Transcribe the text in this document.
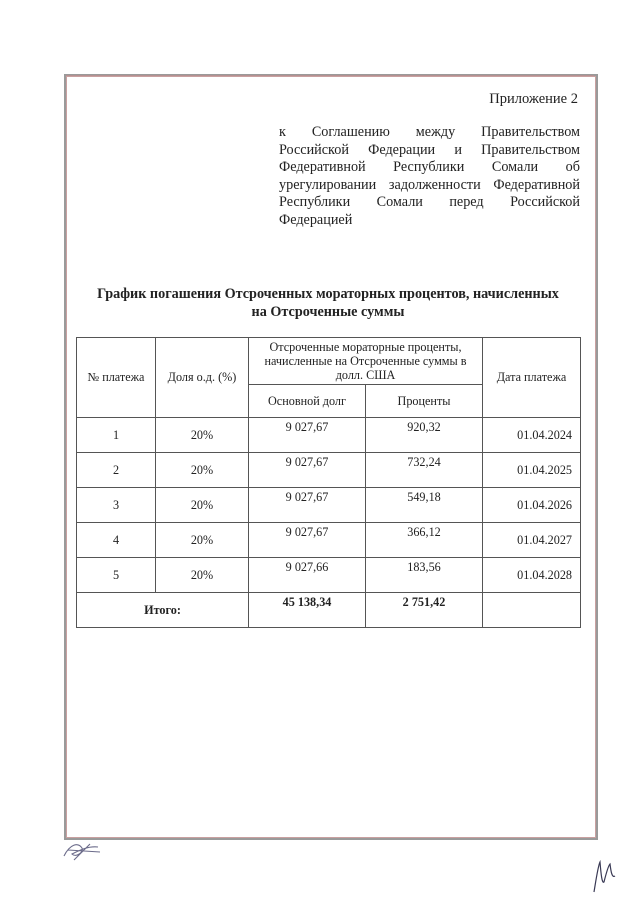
Приложение 2
к Соглашению между Правительством
Российской Федерации и Правительством
Федеративной Республики Сомали об
урегулировании задолженности Федеративной
Республики Сомали перед Российской
Федерацией
График погашения Отсроченных мораторных процентов, начисленных
на Отсроченные суммы
№ платежа	Доля о.д. (%)	Отсроченные мораторные проценты, начисленные на Отсроченные суммы в долл. США		Дата платежа
		Основной долг	Проценты	
1	20%	9 027,67	920,32	01.04.2024
2	20%	9 027,67	732,24	01.04.2025
3	20%	9 027,67	549,18	01.04.2026
4	20%	9 027,67	366,12	01.04.2027
5	20%	9 027,66	183,56	01.04.2028
Итого:		45 138,34	2 751,42	
